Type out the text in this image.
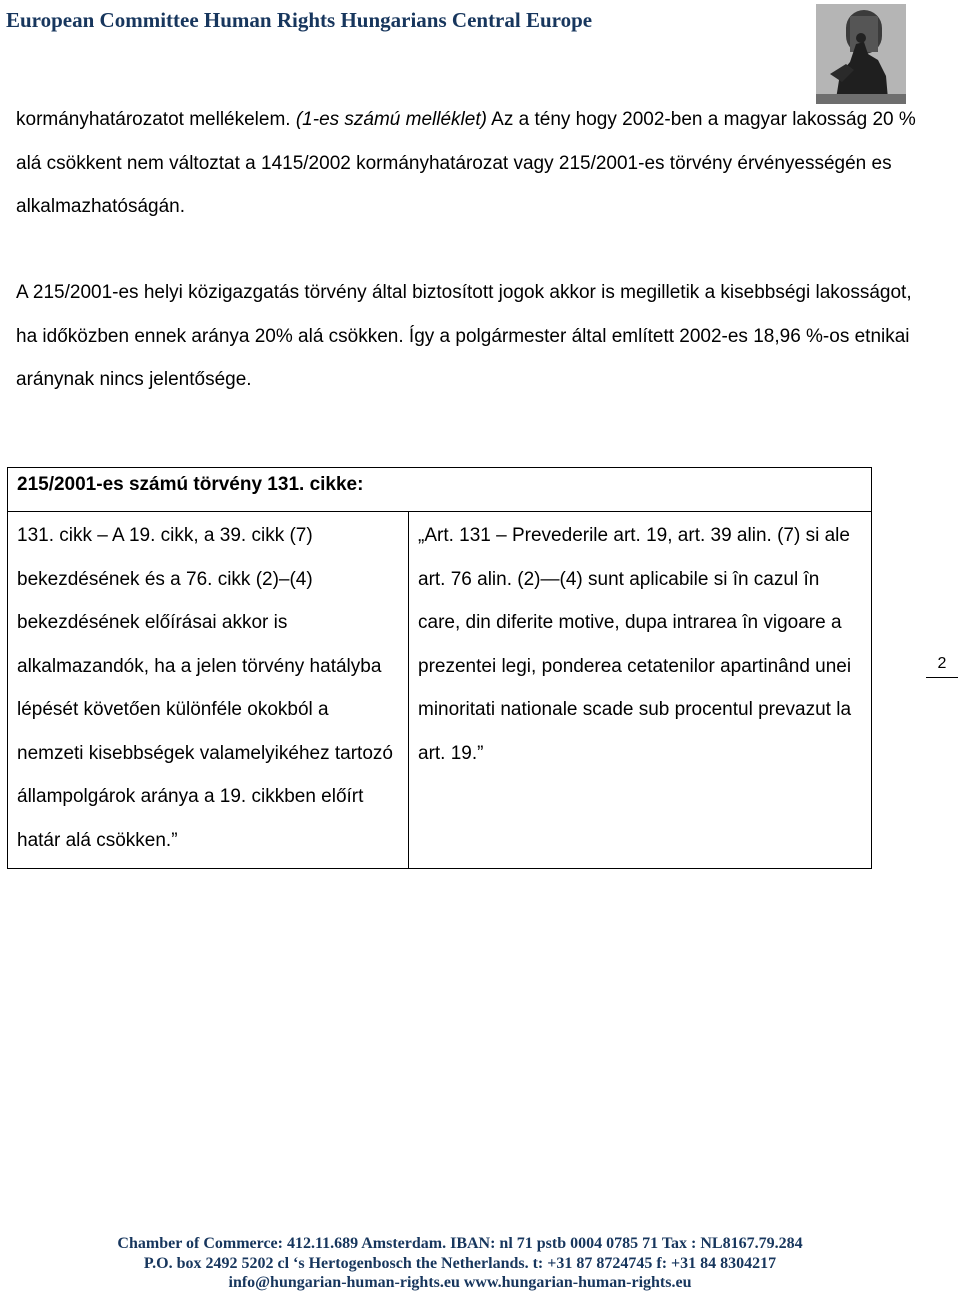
European Committee Human Rights Hungarians Central Europe

kormányhatározatot mellékelem. (1-es számú melléklet) Az a tény hogy 2002-ben a magyar lakosság 20 % alá csökkent nem változtat a 1415/2002 kormányhatározat vagy 215/2001-es törvény érvényességén es alkalmazhatóságán.

A 215/2001-es helyi közigazgatás törvény által biztosított jogok akkor is megilletik a kisebbségi lakosságot, ha időközben ennek aránya 20% alá csökken. Így a polgármester által említett 2002-es 18,96 %-os etnikai aránynak nincs jelentősége.

215/2001-es számú törvény 131. cikke:
131. cikk – A 19. cikk, a 39. cikk (7) bekezdésének és a 76. cikk (2)–(4) bekezdésének előírásai akkor is alkalmazandók, ha a jelen törvény hatályba lépését követően különféle okokból a nemzeti kisebbségek valamelyikéhez tartozó állampolgárok aránya a 19. cikkben előírt határ alá csökken.”	„Art. 131 – Prevederile art. 19, art. 39 alin. (7) si ale art. 76 alin. (2)—(4) sunt aplicabile si în cazul în care, din diferite motive, dupa intrarea în vigoare a prezentei legi, ponderea cetatenilor apartinând unei minoritati nationale scade sub procentul prevazut la art. 19.”
2
Chamber of Commerce: 412.11.689 Amsterdam. IBAN: nl 71 pstb 0004 0785 71 Tax : NL8167.79.284
P.O. box 2492 5202 cl ‘s Hertogenbosch the Netherlands. t: +31 87 8724745 f: +31 84 8304217
info@hungarian-human-rights.eu www.hungarian-human-rights.eu
